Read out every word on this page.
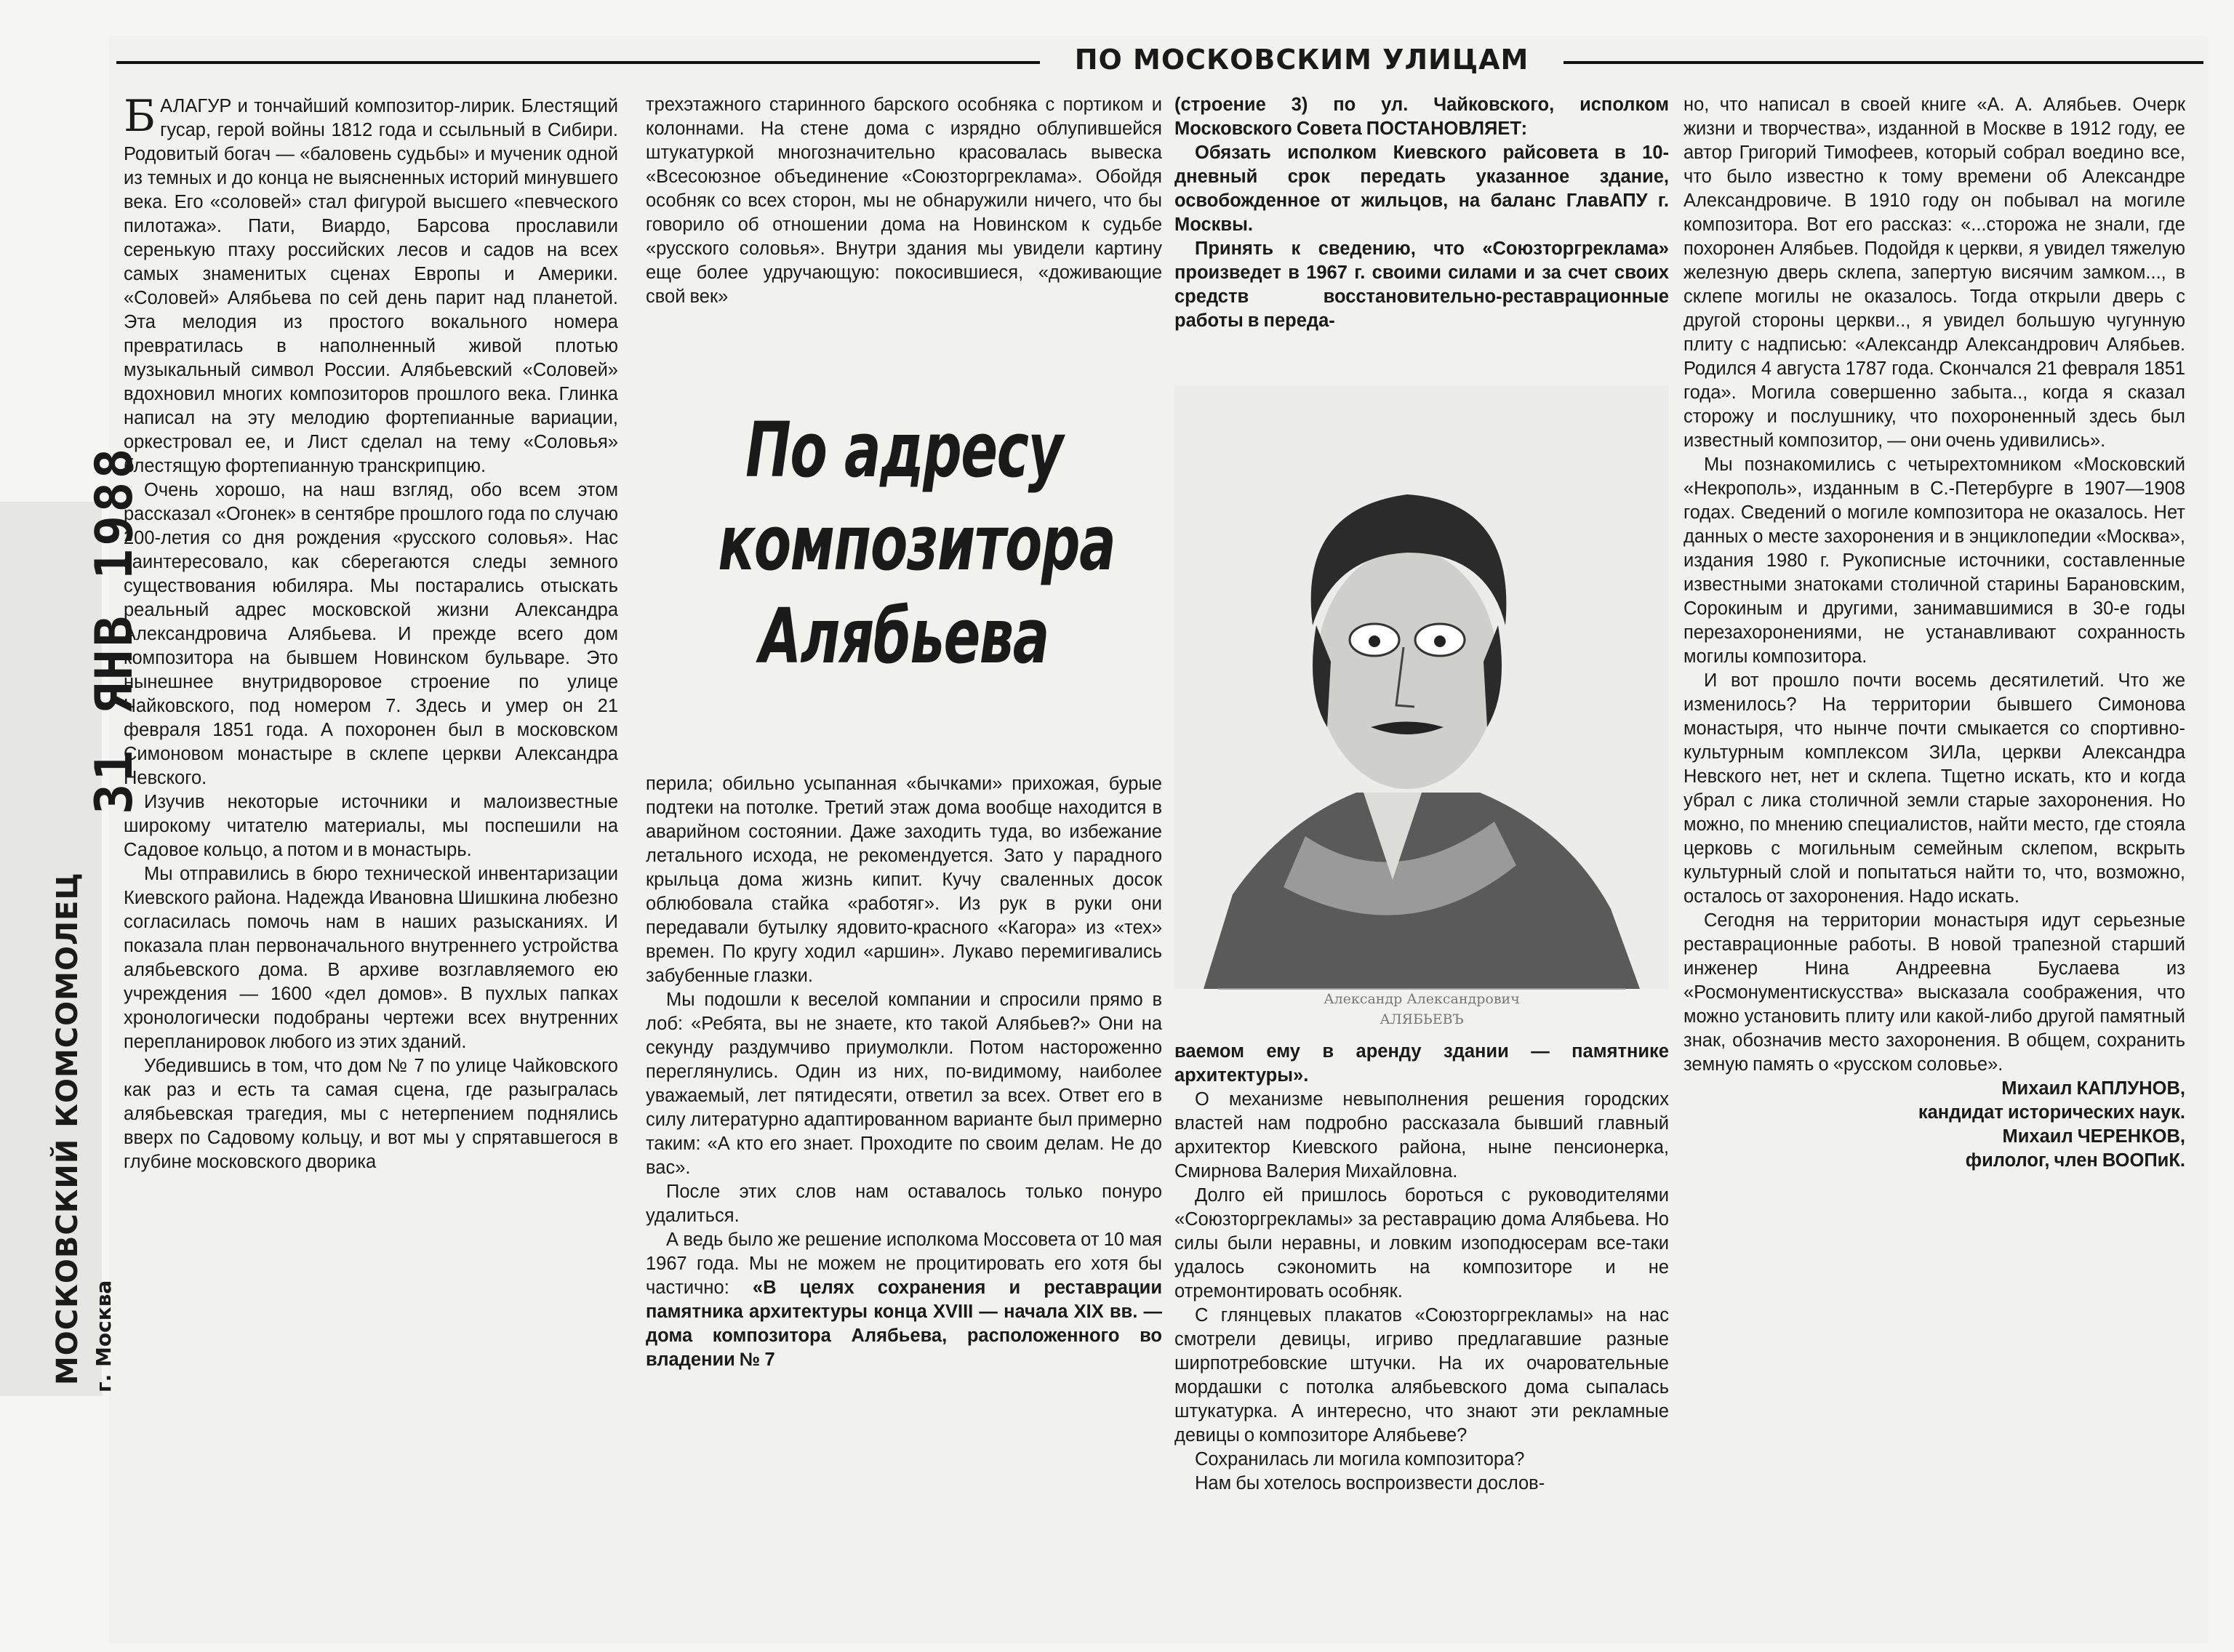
МОСКОВСКИЙ КОМСОМОЛЕЦ г. Москва
31 ЯНВ 1988
ПО МОСКОВСКИМ УЛИЦАМ

БАЛАГУР и тончайший композитор-лирик. Блестящий гусар, герой войны 1812 года и ссыльный в Сибири. Родовитый богач — «баловень судьбы» и мученик одной из темных и до конца не выясненных историй минувшего века. Его «соловей» стал фигурой высшего «певческого пилотажа». Пати, Виардо, Барсова прославили серенькую птаху российских лесов и садов на всех самых знаменитых сценах Европы и Америки. «Соловей» Алябьева по сей день парит над планетой. Эта мелодия из простого вокального номера превратилась в наполненный живой плотью музыкальный символ России. Алябьевский «Соловей» вдохновил многих композиторов прошлого века. Глинка написал на эту мелодию фортепианные вариации, оркестровал ее, и Лист сделал на тему «Соловья» блестящую фортепианную транскрипцию.

Очень хорошо, на наш взгляд, обо всем этом рассказал «Огонек» в сентябре прошлого года по случаю 200-летия со дня рождения «русского соловья». Нас заинтересовало, как сберегаются следы земного существования юбиляра. Мы постарались отыскать реальный адрес московской жизни Александра Александровича Алябьева. И прежде всего дом композитора на бывшем Новинском бульваре. Это нынешнее внутридворовое строение по улице Чайковского, под номером 7. Здесь и умер он 21 февраля 1851 года. А похоронен был в московском Симоновом монастыре в склепе церкви Александра Невского.

Изучив некоторые источники и малоизвестные широкому читателю материалы, мы поспешили на Садовое кольцо, а потом и в монастырь.

Мы отправились в бюро технической инвентаризации Киевского района. Надежда Ивановна Шишкина любезно согласилась помочь нам в наших разысканиях. И показала план первоначального внутреннего устройства алябьевского дома. В архиве возглавляемого ею учреждения — 1600 «дел домов». В пухлых папках хронологически подобраны чертежи всех внутренних перепланировок любого из этих зданий.

Убедившись в том, что дом № 7 по улице Чайковского как раз и есть та самая сцена, где разыгралась алябьевская трагедия, мы с нетерпением поднялись вверх по Садовому кольцу, и вот мы у спрятавшегося в глубине московского дворика

трехэтажного старинного барского особняка с портиком и колоннами. На стене дома с изрядно облупившейся штукатуркой многозначительно красовалась вывеска «Всесоюзное объединение «Союзторгреклама». Обойдя особняк со всех сторон, мы не обнаружили ничего, что бы говорило об отношении дома на Новинском к судьбе «русского соловья». Внутри здания мы увидели картину еще более удручающую: покосившиеся, «доживающие свой век»

По адресу
композитора
Алябьева

перила; обильно усыпанная «бычками» прихожая, бурые подтеки на потолке. Третий этаж дома вообще находится в аварийном состоянии. Даже заходить туда, во избежание летального исхода, не рекомендуется. Зато у парадного крыльца дома жизнь кипит. Кучу сваленных досок облюбовала стайка «работяг». Из рук в руки они передавали бутылку ядовито-красного «Кагора» из «тех» времен. По кругу ходил «аршин». Лукаво перемигивались забубенные глазки.

Мы подошли к веселой компании и спросили прямо в лоб: «Ребята, вы не знаете, кто такой Алябьев?» Они на секунду раздумчиво приумолкли. Потом настороженно переглянулись. Один из них, по-видимому, наиболее уважаемый, лет пятидесяти, ответил за всех. Ответ его в силу литературно адаптированном варианте был примерно таким: «А кто его знает. Проходите по своим делам. Не до вас».

После этих слов нам оставалось только понуро удалиться.

А ведь было же решение исполкома Моссовета от 10 мая 1967 года. Мы не можем не процитировать его хотя бы частично: «В целях сохранения и реставрации памятника архитектуры конца XVIII — начала XIX вв. — дома композитора Алябьева, расположенного во владении № 7

(строение 3) по ул. Чайковского, исполком Московского Совета ПОСТАНОВЛЯЕТ:

Обязать исполком Киевского райсовета в 10-дневный срок передать указанное здание, освобожденное от жильцов, на баланс ГлавАПУ г. Москвы.

Принять к сведению, что «Союзторгреклама» произведет в 1967 г. своими силами и за счет своих средств восстановительно-реставрационные работы в переда-

Александр Александрович
АЛЯБЬЕВЪ

ваемом ему в аренду здании — памятнике архитектуры».

О механизме невыполнения решения городских властей нам подробно рассказала бывший главный архитектор Киевского района, ныне пенсионерка, Смирнова Валерия Михайловна.

Долго ей пришлось бороться с руководителями «Союзторгрекламы» за реставрацию дома Алябьева. Но силы были неравны, и ловким изоподюсерам все-таки удалось сэкономить на композиторе и не отремонтировать особняк.

С глянцевых плакатов «Союзторгрекламы» на нас смотрели девицы, игриво предлагавшие разные ширпотребовские штучки. На их очаровательные мордашки с потолка алябьевского дома сыпалась штукатурка. А интересно, что знают эти рекламные девицы о композиторе Алябьеве?

Сохранилась ли могила композитора?

Нам бы хотелось воспроизвести дослов-

но, что написал в своей книге «А. А. Алябьев. Очерк жизни и творчества», изданной в Москве в 1912 году, ее автор Григорий Тимофеев, который собрал воедино все, что было известно к тому времени об Александре Александровиче. В 1910 году он побывал на могиле композитора. Вот его рассказ: «...сторожа не знали, где похоронен Алябьев. Подойдя к церкви, я увидел тяжелую железную дверь склепа, запертую висячим замком..., в склепе могилы не оказалось. Тогда открыли дверь с другой стороны церкви.., я увидел большую чугунную плиту с надписью: «Александр Александрович Алябьев. Родился 4 августа 1787 года. Скончался 21 февраля 1851 года». Могила совершенно забыта.., когда я сказал сторожу и послушнику, что похороненный здесь был известный композитор, — они очень удивились».

Мы познакомились с четырехтомником «Московский «Некрополь», изданным в С.-Петербурге в 1907—1908 годах. Сведений о могиле композитора не оказалось. Нет данных о месте захоронения и в энциклопедии «Москва», издания 1980 г. Рукописные источники, составленные известными знатоками столичной старины Барановским, Сорокиным и другими, занимавшимися в 30-е годы перезахоронениями, не устанавливают сохранность могилы композитора.

И вот прошло почти восемь десятилетий. Что же изменилось? На территории бывшего Симонова монастыря, что нынче почти смыкается со спортивно-культурным комплексом ЗИЛа, церкви Александра Невского нет, нет и склепа. Тщетно искать, кто и когда убрал с лика столичной земли старые захоронения. Но можно, по мнению специалистов, найти место, где стояла церковь с могильным семейным склепом, вскрыть культурный слой и попытаться найти то, что, возможно, осталось от захоронения. Надо искать.

Сегодня на территории монастыря идут серьезные реставрационные работы. В новой трапезной старший инженер Нина Андреевна Буслаева из «Росмонументискусства» высказала соображения, что можно установить плиту или какой-либо другой памятный знак, обозначив место захоронения. В общем, сохранить земную память о «русском соловье».

Михаил КАПЛУНОВ,

кандидат исторических наук.

Михаил ЧЕРЕНКОВ,

филолог, член ВООПиК.
